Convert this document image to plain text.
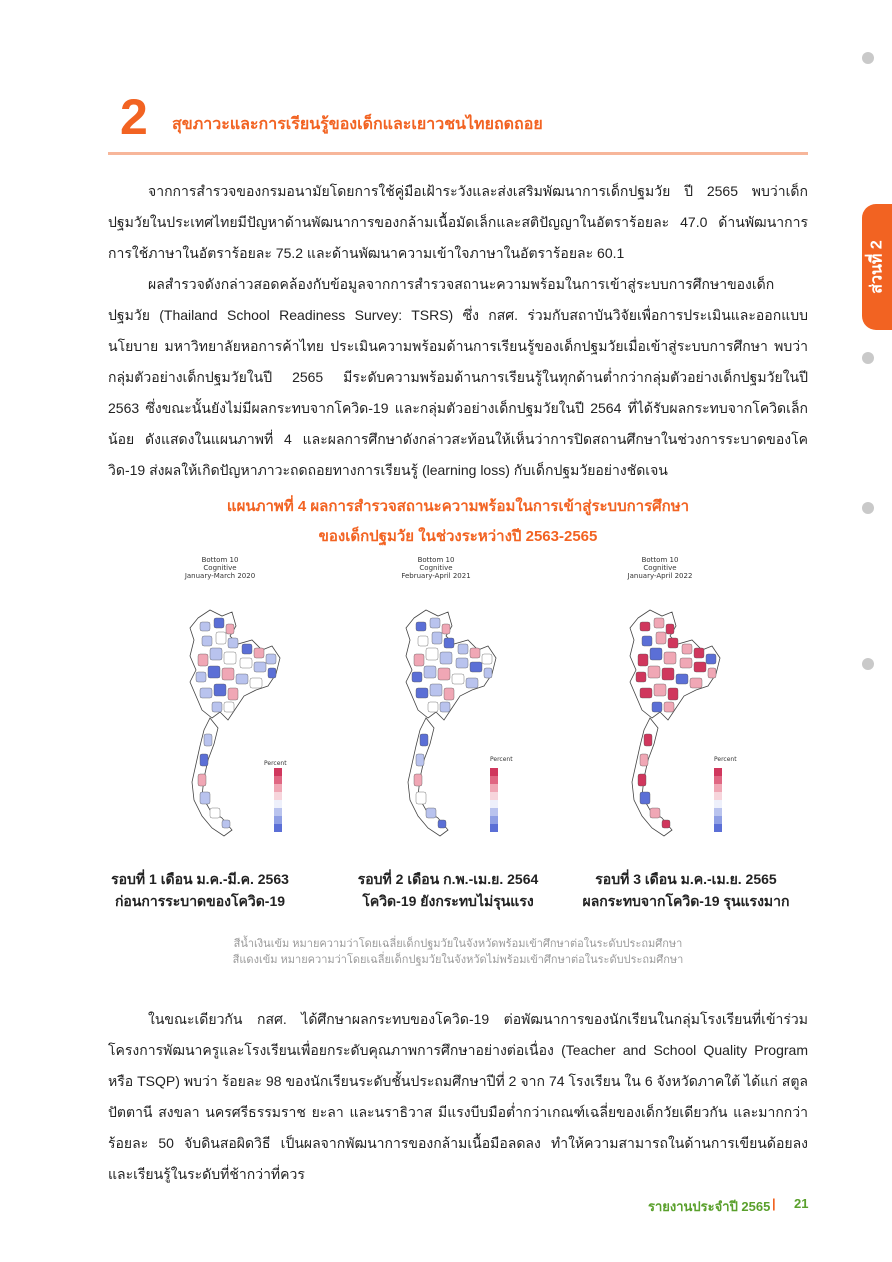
ส่วนที่ 2
2 สุขภาวะและการเรียนรู้ของเด็กและเยาวชนไทยถดถอย

จากการสำรวจของกรมอนามัยโดยการใช้คู่มือเฝ้าระวังและส่งเสริมพัฒนาการเด็กปฐมวัย ปี 2565 พบว่าเด็กปฐมวัยในประเทศไทยมีปัญหาด้านพัฒนาการของกล้ามเนื้อมัดเล็กและสติปัญญาในอัตราร้อยละ 47.0 ด้านพัฒนาการการใช้ภาษาในอัตราร้อยละ 75.2 และด้านพัฒนาความเข้าใจภาษาในอัตราร้อยละ 60.1

ผลสำรวจดังกล่าวสอดคล้องกับข้อมูลจากการสำรวจสถานะความพร้อมในการเข้าสู่ระบบการศึกษาของเด็กปฐมวัย (Thailand School Readiness Survey: TSRS) ซึ่ง กสศ. ร่วมกับสถาบันวิจัยเพื่อการประเมินและออกแบบนโยบาย มหาวิทยาลัยหอการค้าไทย ประเมินความพร้อมด้านการเรียนรู้ของเด็กปฐมวัยเมื่อเข้าสู่ระบบการศึกษา พบว่ากลุ่มตัวอย่างเด็กปฐมวัยในปี 2565 มีระดับความพร้อมด้านการเรียนรู้ในทุกด้านต่ำกว่ากลุ่มตัวอย่างเด็กปฐมวัยในปี 2563 ซึ่งขณะนั้นยังไม่มีผลกระทบจากโควิด-19 และกลุ่มตัวอย่างเด็กปฐมวัยในปี 2564 ที่ได้รับผลกระทบจากโควิดเล็กน้อย ดังแสดงในแผนภาพที่ 4 และผลการศึกษาดังกล่าวสะท้อนให้เห็นว่าการปิดสถานศึกษาในช่วงการระบาดของโควิด-19 ส่งผลให้เกิดปัญหาภาวะถดถอยทางการเรียนรู้ (learning loss) กับเด็กปฐมวัยอย่างชัดเจน

แผนภาพที่ 4 ผลการสำรวจสถานะความพร้อมในการเข้าสู่ระบบการศึกษา
ของเด็กปฐมวัย ในช่วงระหว่างปี 2563-2565
Bottom 10
Cognitive
January-March 2020
Percent
Bottom 10
Cognitive
February-April 2021
Percent
Bottom 10
Cognitive
January-April 2022
Percent
รอบที่ 1 เดือน ม.ค.-มี.ค. 2563
ก่อนการระบาดของโควิด-19
รอบที่ 2 เดือน ก.พ.-เม.ย. 2564
โควิด-19 ยังกระทบไม่รุนแรง
รอบที่ 3 เดือน ม.ค.-เม.ย. 2565
ผลกระทบจากโควิด-19 รุนแรงมาก
สีน้ำเงินเข้ม หมายความว่าโดยเฉลี่ยเด็กปฐมวัยในจังหวัดพร้อมเข้าศึกษาต่อในระดับประถมศึกษา
สีแดงเข้ม หมายความว่าโดยเฉลี่ยเด็กปฐมวัยในจังหวัดไม่พร้อมเข้าศึกษาต่อในระดับประถมศึกษา

ในขณะเดียวกัน กสศ. ได้ศึกษาผลกระทบของโควิด-19 ต่อพัฒนาการของนักเรียนในกลุ่มโรงเรียนที่เข้าร่วมโครงการพัฒนาครูและโรงเรียนเพื่อยกระดับคุณภาพการศึกษาอย่างต่อเนื่อง (Teacher and School Quality Program หรือ TSQP) พบว่า ร้อยละ 98 ของนักเรียนระดับชั้นประถมศึกษาปีที่ 2 จาก 74 โรงเรียน ใน 6 จังหวัดภาคใต้ ได้แก่ สตูล ปัตตานี สงขลา นครศรีธรรมราช ยะลา และนราธิวาส มีแรงบีบมือต่ำกว่าเกณฑ์เฉลี่ยของเด็กวัยเดียวกัน และมากกว่าร้อยละ 50 จับดินสอผิดวิธี เป็นผลจากพัฒนาการของกล้ามเนื้อมือลดลง ทำให้ความสามารถในด้านการเขียนด้อยลง และเรียนรู้ในระดับที่ช้ากว่าที่ควร

รายงานประจำปี 2565 | 21
